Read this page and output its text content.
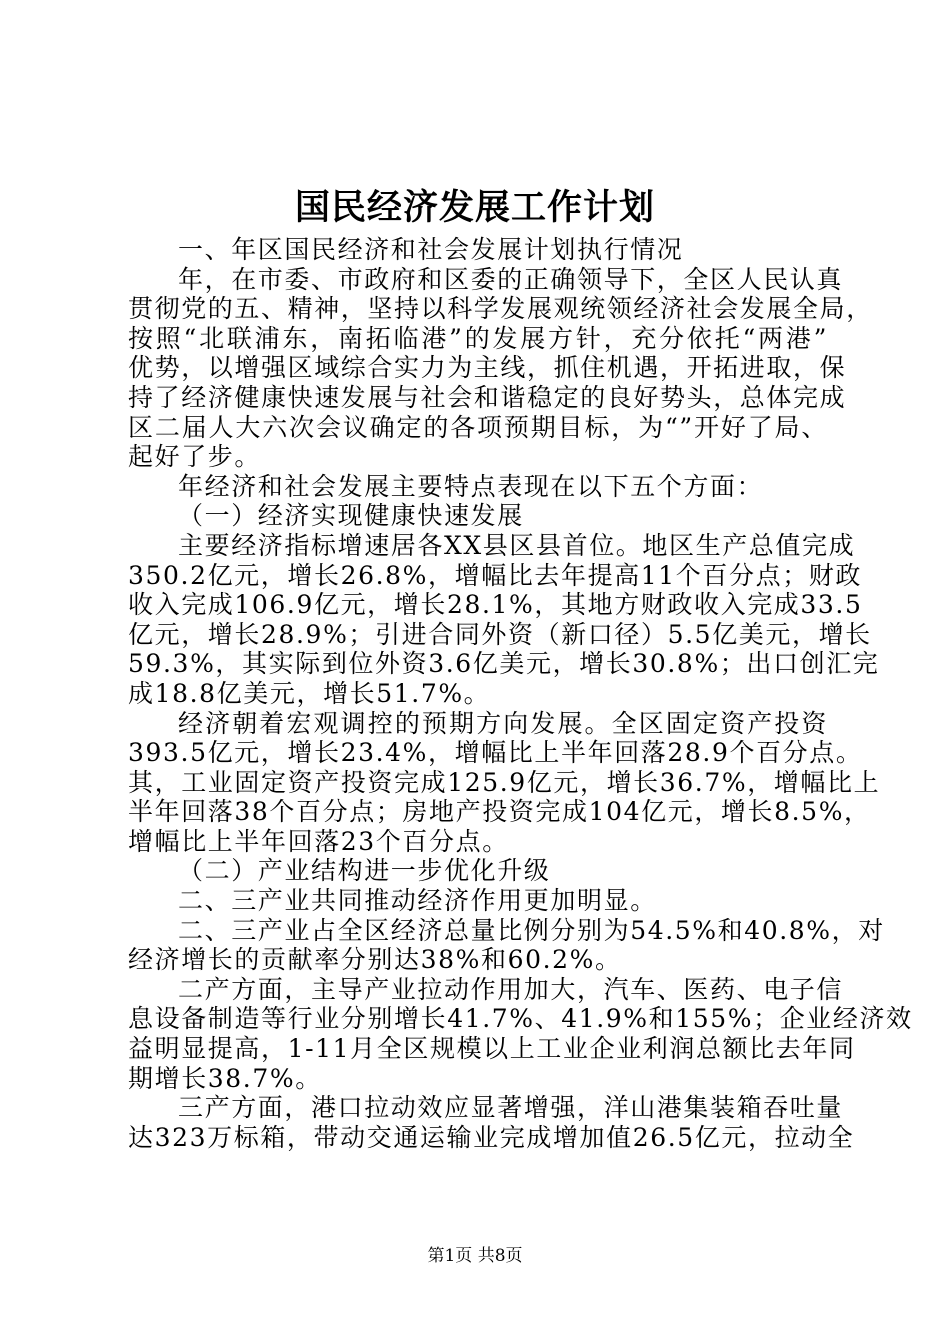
国民经济发展工作计划
一、年区国民经济和社会发展计划执行情况
年，在市委、市政府和区委的正确领导下，全区人民认真
贯彻党的五、精神，坚持以科学发展观统领经济社会发展全局，
按照“北联浦东，南拓临港”的发展方针，充分依托“两港”
优势，以增强区域综合实力为主线，抓住机遇，开拓进取，保
持了经济健康快速发展与社会和谐稳定的良好势头，总体完成
区二届人大六次会议确定的各项预期目标，为“”开好了局、
起好了步。
年经济和社会发展主要特点表现在以下五个方面：
（一）经济实现健康快速发展
主要经济指标增速居各XX县区县首位。地区生产总值完成
350.2亿元，增长26.8%，增幅比去年提高11个百分点；财政
收入完成106.9亿元，增长28.1%，其地方财政收入完成33.5
亿元，增长28.9%；引进合同外资（新口径）5.5亿美元，增长
59.3%，其实际到位外资3.6亿美元，增长30.8%；出口创汇完
成18.8亿美元，增长51.7%。
经济朝着宏观调控的预期方向发展。全区固定资产投资
393.5亿元，增长23.4%，增幅比上半年回落28.9个百分点。
其，工业固定资产投资完成125.9亿元，增长36.7%，增幅比上
半年回落38个百分点；房地产投资完成104亿元，增长8.5%，
增幅比上半年回落23个百分点。
（二）产业结构进一步优化升级
二、三产业共同推动经济作用更加明显。
二、三产业占全区经济总量比例分别为54.5%和40.8%，对
经济增长的贡献率分别达38%和60.2%。
二产方面，主导产业拉动作用加大，汽车、医药、电子信
息设备制造等行业分别增长41.7%、41.9%和155%；企业经济效
益明显提高，1-11月全区规模以上工业企业利润总额比去年同
期增长38.7%。
三产方面，港口拉动效应显著增强，洋山港集装箱吞吐量
达323万标箱，带动交通运输业完成增加值26.5亿元，拉动全
第1页 共8页
